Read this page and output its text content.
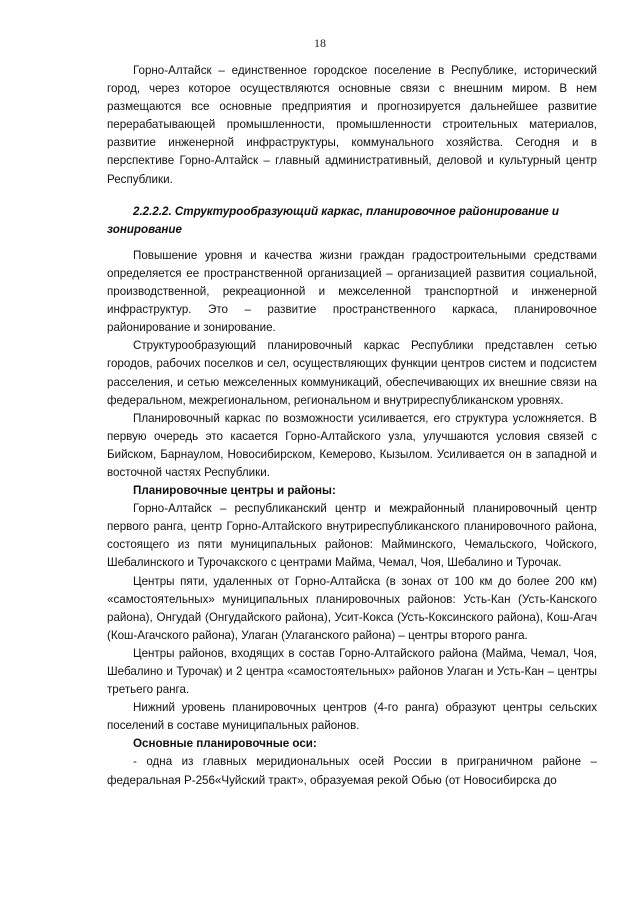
18

Горно-Алтайск – единственное городское поселение в Республике, исторический город, через которое осуществляются основные связи с внешним миром. В нем размещаются все основные предприятия и прогнозируется дальнейшее развитие перерабатывающей промышленности, промышленности строительных материалов, развитие инженерной инфраструктуры, коммунального хозяйства. Сегодня и в перспективе Горно-Алтайск – главный административный, деловой и культурный центр Республики.

2.2.2.2. Структурообразующий каркас, планировочное районирование и зонирование

Повышение уровня и качества жизни граждан градостроительными средствами определяется ее пространственной организацией – организацией развития социальной, производственной, рекреационной и межселенной транспортной и инженерной инфраструктур. Это – развитие пространственного каркаса, планировочное районирование и зонирование.

Структурообразующий планировочный каркас Республики представлен сетью городов, рабочих поселков и сел, осуществляющих функции центров систем и подсистем расселения, и сетью межселенных коммуникаций, обеспечивающих их внешние связи на федеральном, межрегиональном, региональном и внутриреспубликанском уровнях.

Планировочный каркас по возможности усиливается, его структура усложняется. В первую очередь это касается Горно-Алтайского узла, улучшаются условия связей с Бийском, Барнаулом, Новосибирском, Кемерово, Кызылом. Усиливается он в западной и восточной частях Республики.

Планировочные центры и районы:

Горно-Алтайск – республиканский центр и межрайонный планировочный центр первого ранга, центр Горно-Алтайского внутриреспубликанского планировочного района, состоящего из пяти муниципальных районов: Майминского, Чемальского, Чойского, Шебалинского и Турочакского с центрами Майма, Чемал, Чоя, Шебалино и Турочак.

Центры пяти, удаленных от Горно-Алтайска (в зонах от 100 км до более 200 км) «самостоятельных» муниципальных планировочных районов: Усть-Кан (Усть-Канского района), Онгудай (Онгудайского района), Усит-Кокса (Усть-Коксинского района), Кош-Агач (Кош-Агачского района), Улаган (Улаганского района) – центры второго ранга.

Центры районов, входящих в состав Горно-Алтайского района (Майма, Чемал, Чоя, Шебалино и Турочак) и 2 центра «самостоятельных» районов Улаган и Усть-Кан – центры третьего ранга.

Нижний уровень планировочных центров (4-го ранга) образуют центры сельских поселений в составе муниципальных районов.

Основные планировочные оси:

- одна из главных меридиональных осей России в приграничном районе – федеральная Р-256«Чуйский тракт», образуемая рекой Обью (от Новосибирска до
